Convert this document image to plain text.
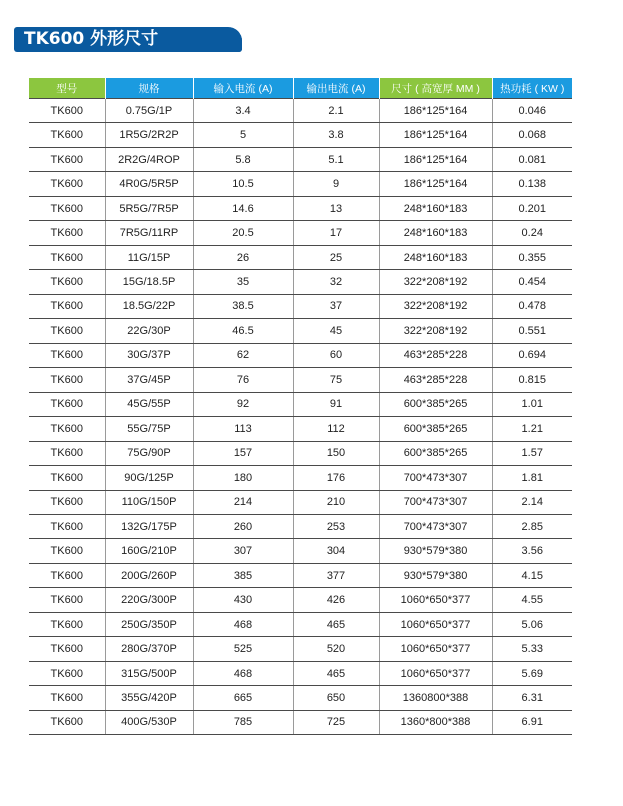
TK600 外形尺寸
型号	规格	输入电流 (A)	输出电流 (A)	尺寸 ( 高宽厚 MM )	热功耗 ( KW )
TK600	0.75G/1P	3.4	2.1	186*125*164	0.046
TK600	1R5G/2R2P	5	3.8	186*125*164	0.068
TK600	2R2G/4ROP	5.8	5.1	186*125*164	0.081
TK600	4R0G/5R5P	10.5	9	186*125*164	0.138
TK600	5R5G/7R5P	14.6	13	248*160*183	0.201
TK600	7R5G/11RP	20.5	17	248*160*183	0.24
TK600	11G/15P	26	25	248*160*183	0.355
TK600	15G/18.5P	35	32	322*208*192	0.454
TK600	18.5G/22P	38.5	37	322*208*192	0.478
TK600	22G/30P	46.5	45	322*208*192	0.551
TK600	30G/37P	62	60	463*285*228	0.694
TK600	37G/45P	76	75	463*285*228	0.815
TK600	45G/55P	92	91	600*385*265	1.01
TK600	55G/75P	113	112	600*385*265	1.21
TK600	75G/90P	157	150	600*385*265	1.57
TK600	90G/125P	180	176	700*473*307	1.81
TK600	110G/150P	214	210	700*473*307	2.14
TK600	132G/175P	260	253	700*473*307	2.85
TK600	160G/210P	307	304	930*579*380	3.56
TK600	200G/260P	385	377	930*579*380	4.15
TK600	220G/300P	430	426	1060*650*377	4.55
TK600	250G/350P	468	465	1060*650*377	5.06
TK600	280G/370P	525	520	1060*650*377	5.33
TK600	315G/500P	468	465	1060*650*377	5.69
TK600	355G/420P	665	650	1360800*388	6.31
TK600	400G/530P	785	725	1360*800*388	6.91
